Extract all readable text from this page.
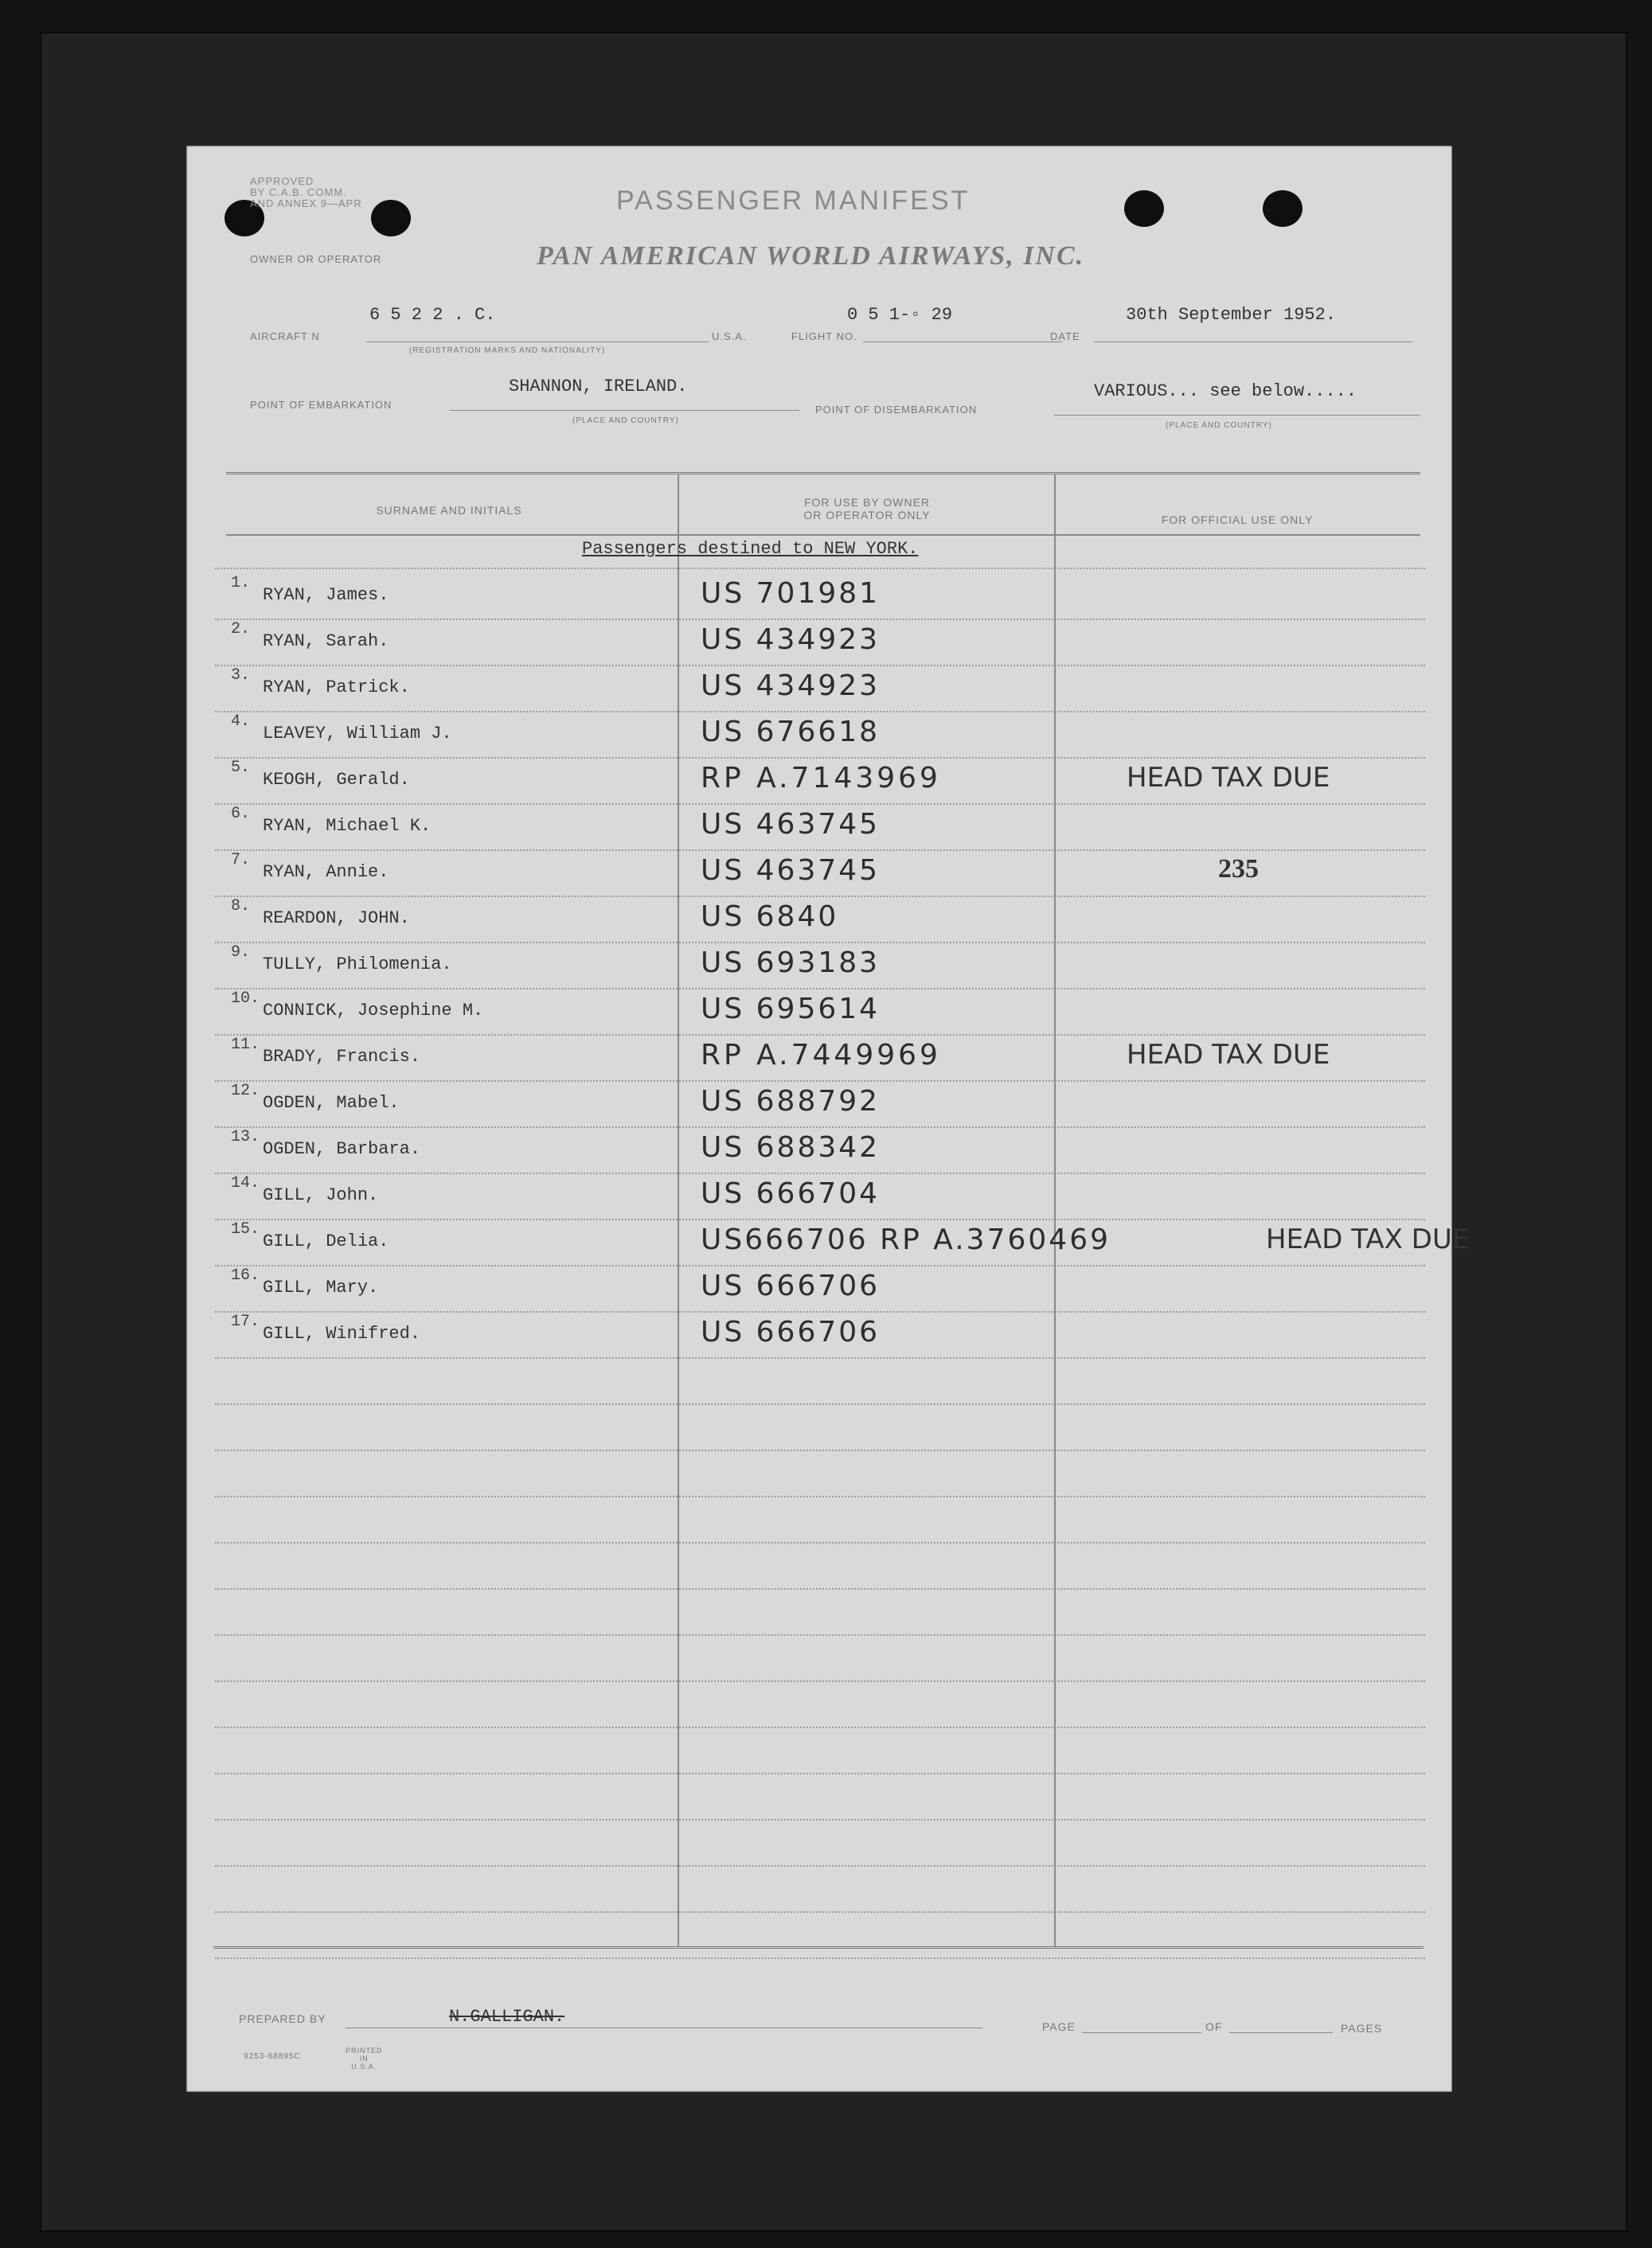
APPROVED
BY C.A.B. COMM.
AND ANNEX 9—APR	PASSENGER MANIFEST
OWNER OR OPERATOR	PAN AMERICAN WORLD AIRWAYS, INC.
AIRCRAFT N
6 5 2 2 . C.
(REGISTRATION MARKS AND NATIONALITY)
U.S.A.	FLIGHT NO.
0 5 1-◦ 29
DATE
30th September 1952.
POINT OF EMBARKATION
SHANNON, IRELAND.
(PLACE AND COUNTRY)
POINT OF DISEMBARKATION
VARIOUS... see below.....
(PLACE AND COUNTRY)
SURNAME AND INITIALS
FOR USE BY OWNER
OR OPERATOR ONLY	FOR OFFICIAL USE ONLY
Passengers destined to NEW YORK.
1.
RYAN, James.	US 701981
2.
RYAN, Sarah.	US 434923
3.
RYAN, Patrick.	US 434923
4.
LEAVEY, William J.	US 676618
5.
KEOGH, Gerald.	RP A.7143969	HEAD TAX DUE
6.
RYAN, Michael K.	US 463745
7.
RYAN, Annie.	US 463745	235
8.
REARDON, JOHN.	US 6840
9.
TULLY, Philomenia.	US 693183
10.
CONNICK, Josephine M.	US 695614
11.
BRADY, Francis.	RP A.7449969	HEAD TAX DUE
12.
OGDEN, Mabel.	US 688792
13.
OGDEN, Barbara.	US 688342
14.
GILL, John.	US 666704
15.
GILL, Delia.	US666706 RP A.3760469	HEAD TAX DUE
16.
GILL, Mary.	US 666706
17.
GILL, Winifred.	US 666706
PREPARED BY	N.GALLIGAN.	PAGE	OF	PAGES
9253-68895C
PRINTED
IN
U.S.A.
